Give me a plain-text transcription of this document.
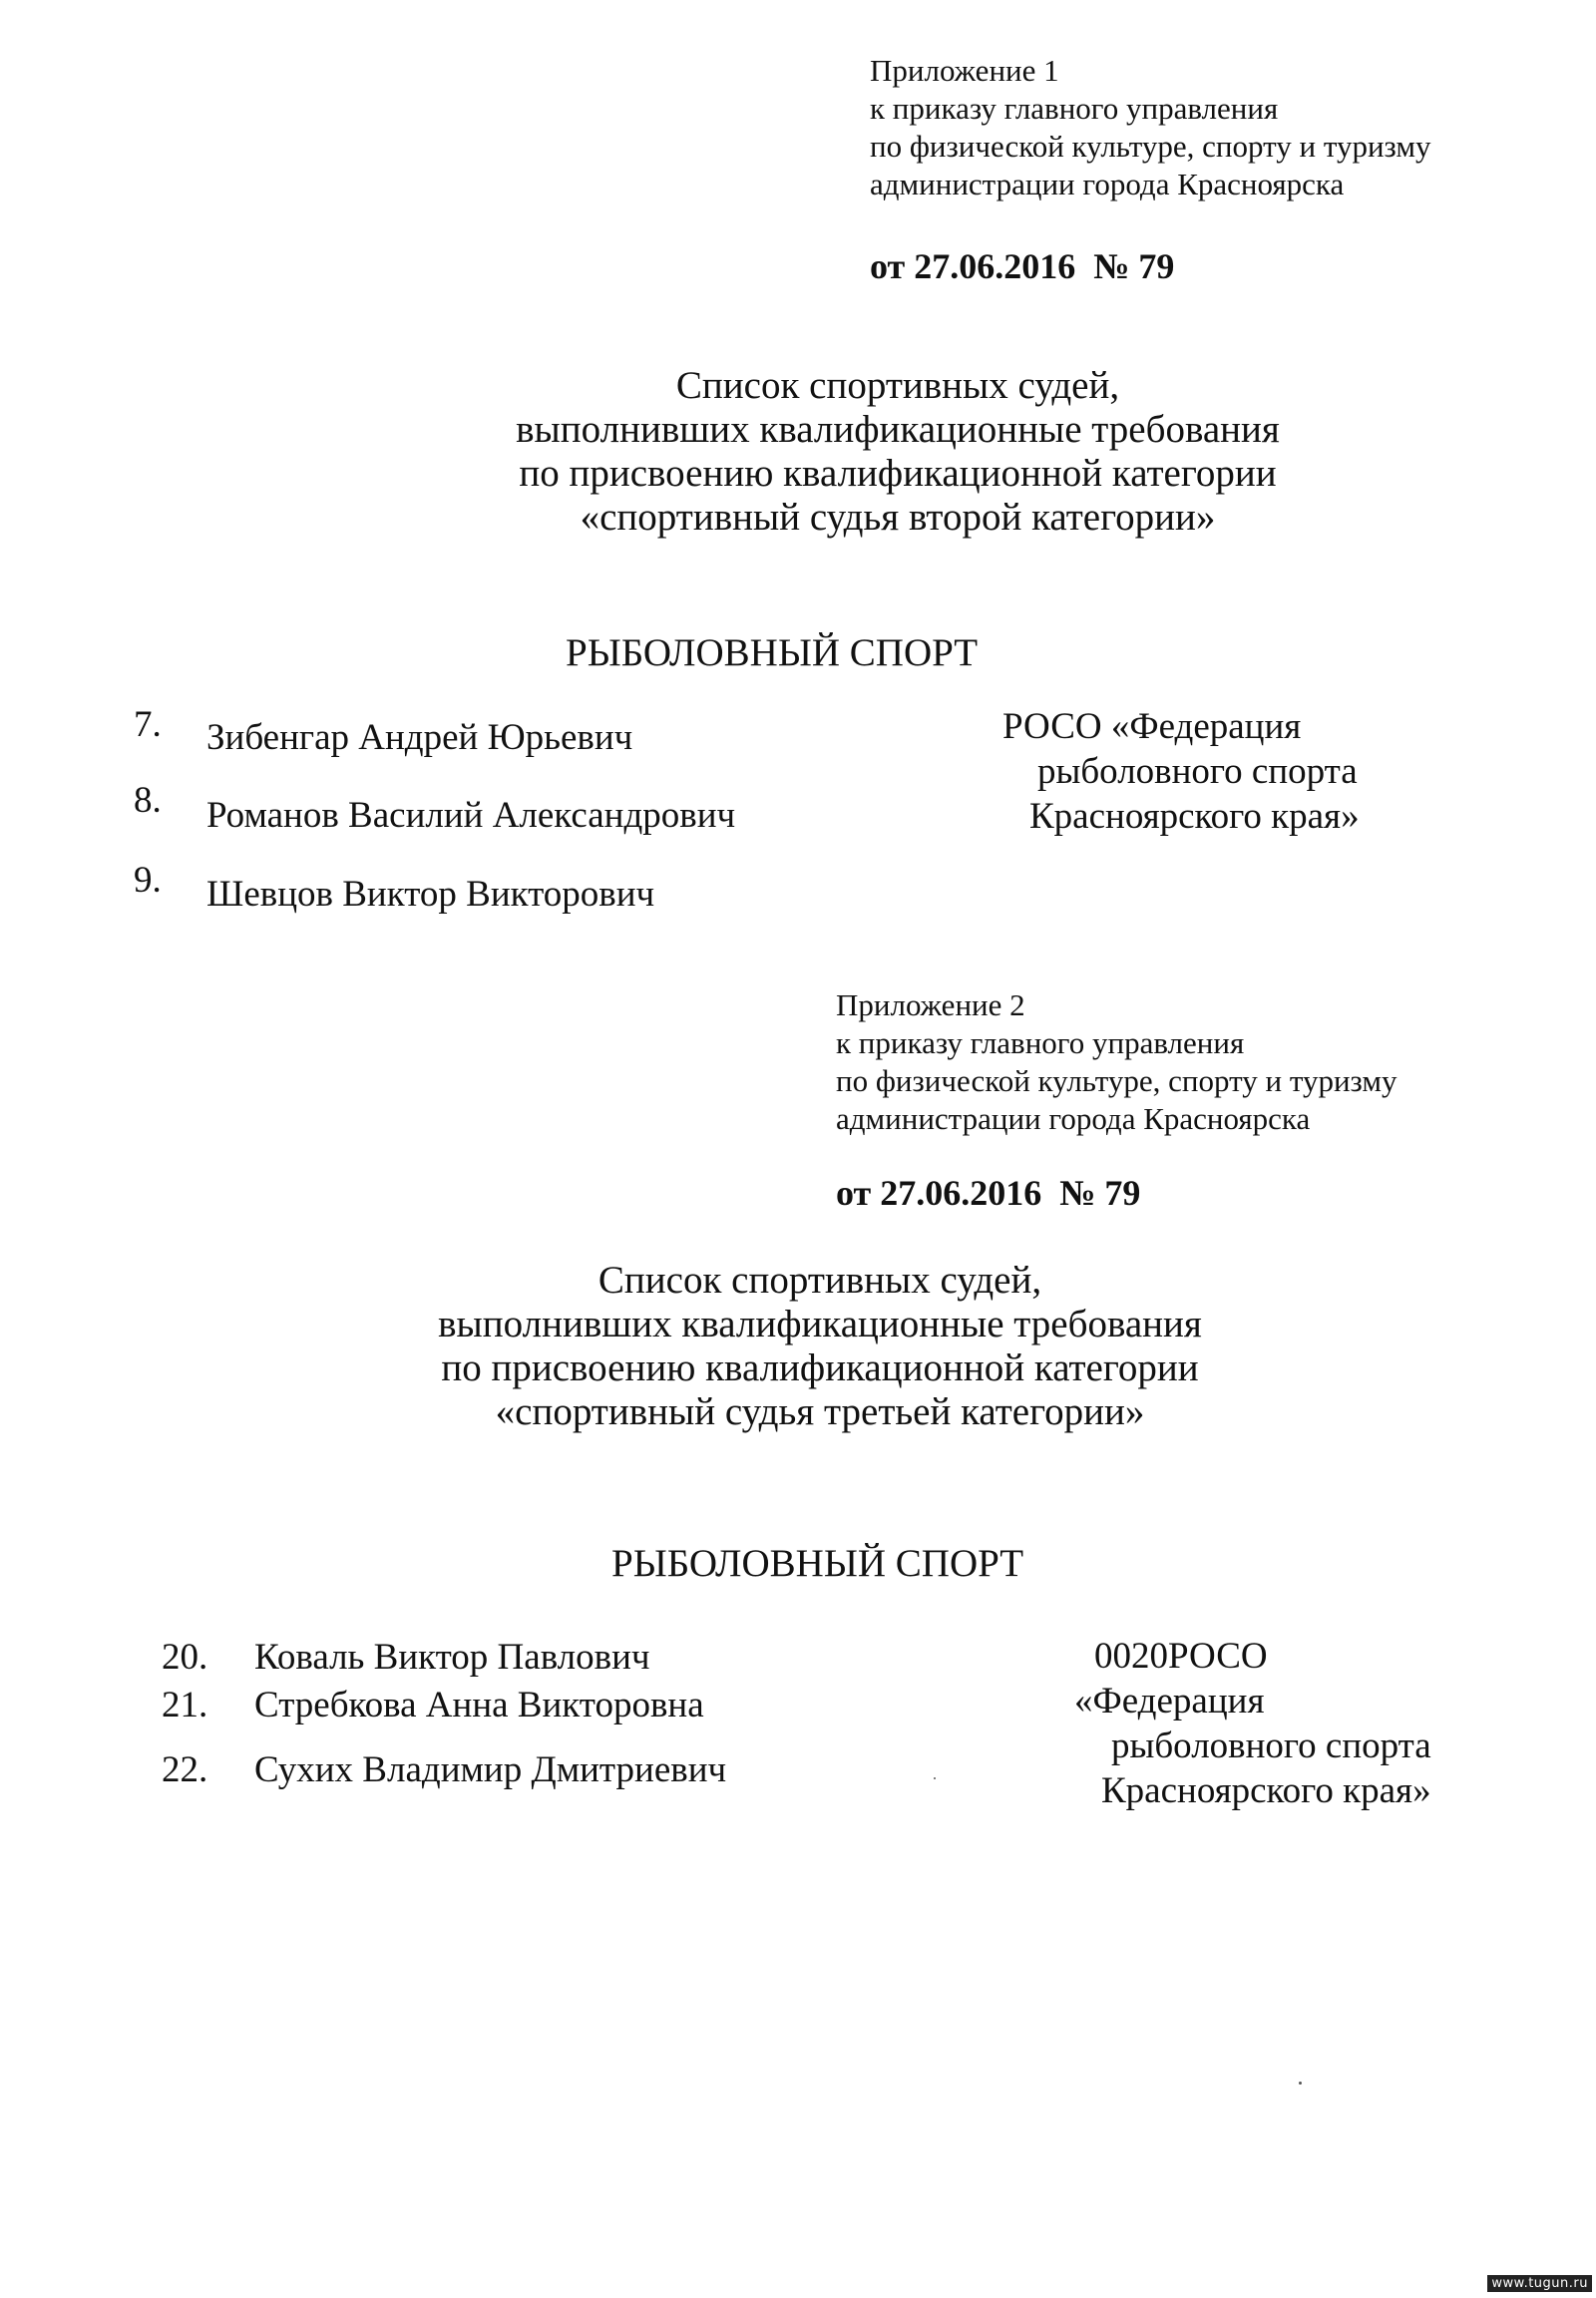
Приложение 1
к приказу главного управления
по физической культуре, спорту и туризму
администрации города Красноярска
от 27.06.2016  № 79
Список спортивных судей,
выполнивших квалификационные требования
по присвоению квалификационной категории
«спортивный судья второй категории»
РЫБОЛОВНЫЙ СПОРТ
7. Зибенгар Андрей Юрьевич
8. Романов Василий Александрович
9. Шевцов Виктор Викторович
РОСО «Федерация
рыболовного спорта
Красноярского края»
Приложение 2
к приказу главного управления
по физической культуре, спорту и туризму
администрации города Красноярска
от 27.06.2016  № 79
Список спортивных судей,
выполнивших квалификационные требования
по присвоению квалификационной категории
«спортивный судья третьей категории»
РЫБОЛОВНЫЙ СПОРТ
20. Коваль Виктор Павлович
21. Стребкова Анна Викторовна
22. Сухих Владимир Дмитриевич
0020РОСО
«Федерация
рыболовного спорта
Красноярского края»
www.tugun.ru
